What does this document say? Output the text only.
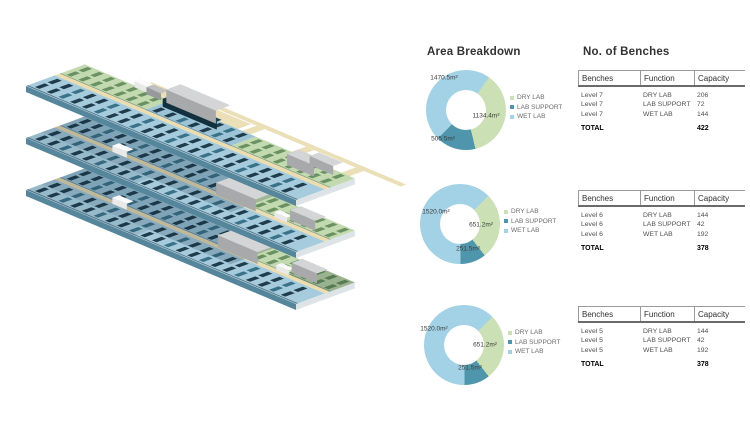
Area Breakdown	No. of Benches
1134.4m²
505.5m²
1470.5m²
DRY LAB
LAB SUPPORT
WET LAB
651.2m²
251.5m²
1520.0m²	DRY LAB
LAB SUPPORT
WET LAB
651.2m²
251.5m²
1520.0m²	DRY LAB
LAB SUPPORT
WET LAB
Benches	Function	Capacity
Level 7	DRY LAB	206
Level 7	LAB SUPPORT 72
Level 7	WET LAB	144
TOTAL	422
Benches	Function	Capacity
Level 6	DRY LAB	144
Level 6	LAB SUPPORT 42
Level 6	WET LAB	192
TOTAL	378
Benches	Function	Capacity
Level 5	DRY LAB	144
Level 5	LAB SUPPORT 42
Level 5	WET LAB	192
TOTAL	378
